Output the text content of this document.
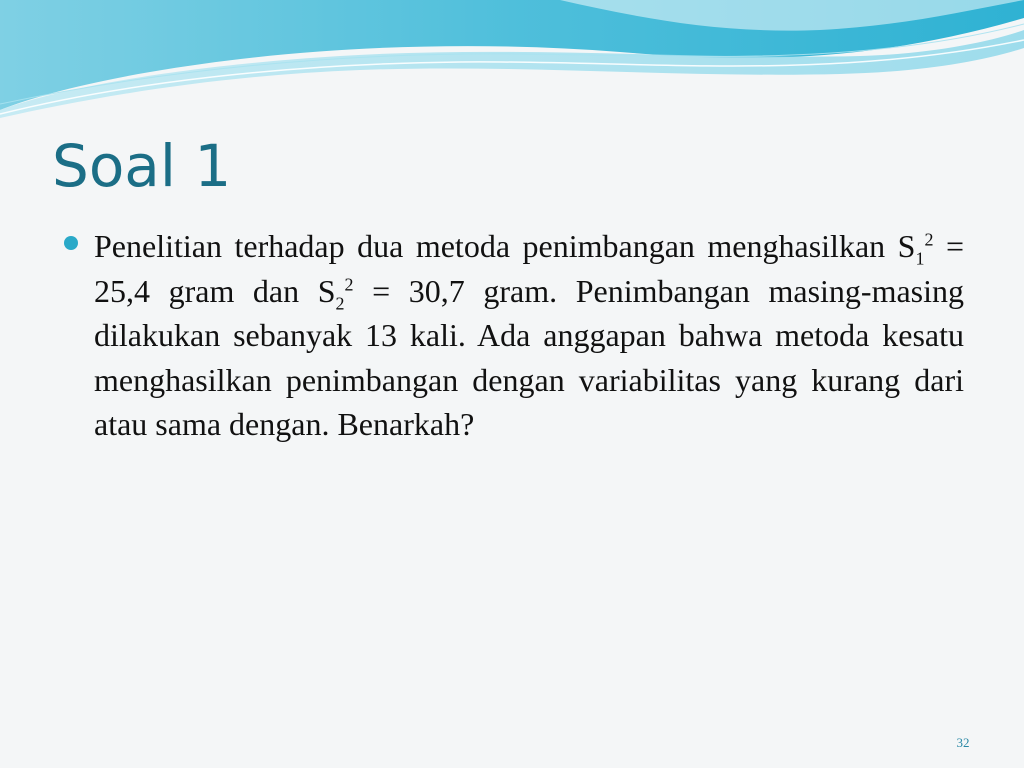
Soal 1

Penelitian terhadap dua metoda penimbangan menghasilkan $S_1^2 = 25,4$ gram dan $S_2^2 = 30,7$ gram. Penimbangan masing-masing dilakukan sebanyak 13 kali. Ada anggapan bahwa metoda kesatu menghasilkan penimbangan dengan variabilitas yang kurang dari atau sama dengan. Benarkah?

32
